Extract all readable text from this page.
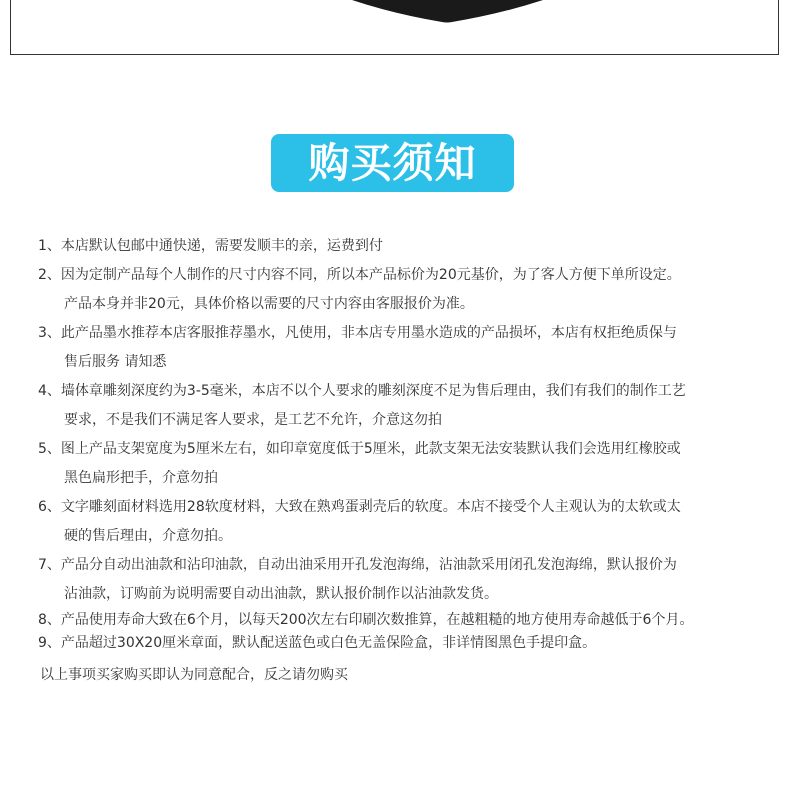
购买须知
1、本店默认包邮中通快递，需要发顺丰的亲，运费到付
2、因为定制产品每个人制作的尺寸内容不同，所以本产品标价为20元基价，为了客人方便下单所设定。
产品本身并非20元，具体价格以需要的尺寸内容由客服报价为准。
3、此产品墨水推荐本店客服推荐墨水，凡使用，非本店专用墨水造成的产品损坏，本店有权拒绝质保与
售后服务 请知悉
4、墙体章雕刻深度约为3-5毫米，本店不以个人要求的雕刻深度不足为售后理由，我们有我们的制作工艺
要求，不是我们不满足客人要求，是工艺不允许，介意这勿拍
5、图上产品支架宽度为5厘米左右，如印章宽度低于5厘米，此款支架无法安装默认我们会选用红橡胶或
黑色扁形把手，介意勿拍
6、文字雕刻面材料选用28软度材料，大致在熟鸡蛋剥壳后的软度。本店不接受个人主观认为的太软或太
硬的售后理由，介意勿拍。
7、产品分自动出油款和沾印油款，自动出油采用开孔发泡海绵，沾油款采用闭孔发泡海绵，默认报价为
沾油款，订购前为说明需要自动出油款，默认报价制作以沾油款发货。
8、产品使用寿命大致在6个月，以每天200次左右印刷次数推算，在越粗糙的地方使用寿命越低于6个月。
9、产品超过30X20厘米章面，默认配送蓝色或白色无盖保险盒，非详情图黑色手提印盒。

以上事项买家购买即认为同意配合，反之请勿购买
